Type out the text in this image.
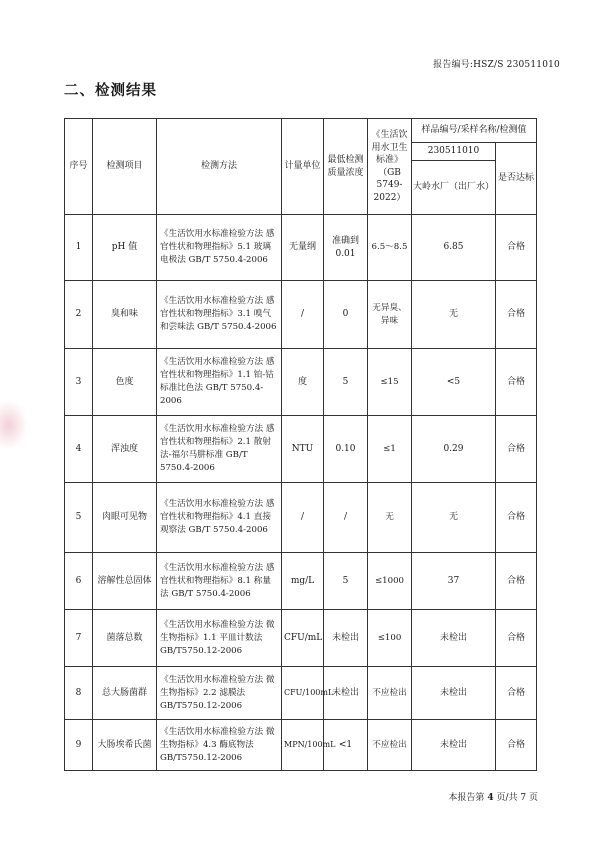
报告编号:HSZ/S 230511010
二、检测结果
序号	检测项目	检测方法	计量单位	最低检测质量浓度	《生活饮用水卫生标准》（GB 5749-2022）	样品编号/采样名称/检测值	
						230511010	是否达标
						大岭水厂（出厂水）	
1	pH 值	《生活饮用水标准检验方法 感官性状和物理指标》5.1 玻璃电极法 GB/T 5750.4-2006	无量纲	准确到0.01	6.5～8.5	6.85	合格
2	臭和味	《生活饮用水标准检验方法 感官性状和物理指标》3.1 嗅气和尝味法 GB/T 5750.4-2006	/	0	无异臭、异味	无	合格
3	色度	《生活饮用水标准检验方法 感官性状和物理指标》1.1 铂-钴标准比色法 GB/T 5750.4-2006	度	5	≤15	<5	合格
4	浑浊度	《生活饮用水标准检验方法 感官性状和物理指标》2.1 散射法-福尔马肼标准 GB/T 5750.4-2006	NTU	0.10	≤1	0.29	合格
5	肉眼可见物	《生活饮用水标准检验方法 感官性状和物理指标》4.1 直接观察法 GB/T 5750.4-2006	/	/	无	无	合格
6	溶解性总固体	《生活饮用水标准检验方法 感官性状和物理指标》8.1 称量法 GB/T 5750.4-2006	mg/L	5	≤1000	37	合格
7	菌落总数	《生活饮用水标准检验方法 微生物指标》1.1 平皿计数法 GB/T5750.12-2006	CFU/mL	未检出	≤100	未检出	合格
8	总大肠菌群	《生活饮用水标准检验方法 微生物指标》2.2 滤膜法 GB/T5750.12-2006	CFU/100mL	未检出	不应检出	未检出	合格
9	大肠埃希氏菌	《生活饮用水标准检验方法 微生物指标》4.3 酶底物法 GB/T5750.12-2006	MPN/100mL	<1	不应检出	未检出	合格
本报告第 4 页/共 7 页
